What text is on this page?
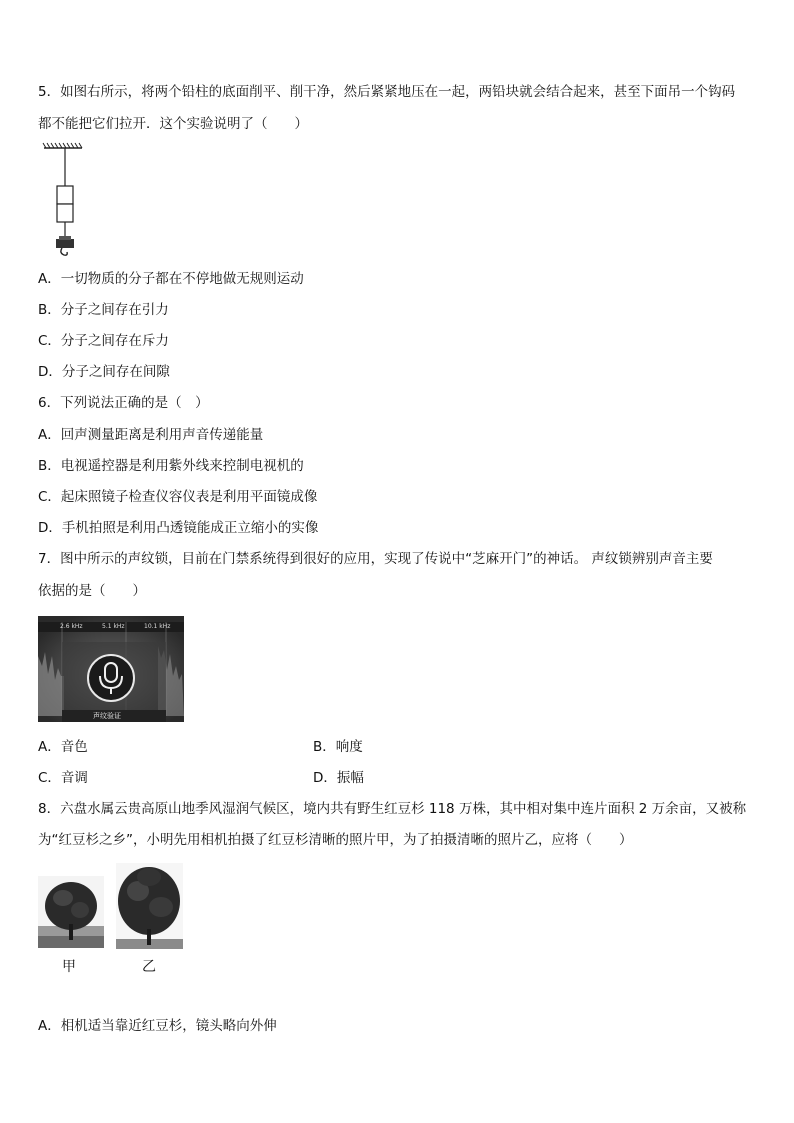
5．如图右所示，将两个铅柱的底面削平、削干净，然后紧紧地压在一起，两铅块就会结合起来，甚至下面吊一个钩码
都不能把它们拉开．这个实验说明了（　　）
A．一切物质的分子都在不停地做无规则运动
B．分子之间存在引力
C．分子之间存在斥力
D．分子之间存在间隙
6．下列说法正确的是（　）
A．回声测量距离是利用声音传递能量
B．电视遥控器是利用紫外线来控制电视机的
C．起床照镜子检查仪容仪表是利用平面镜成像
D．手机拍照是利用凸透镜能成正立缩小的实像
7．图中所示的声纹锁，目前在门禁系统得到很好的应用，实现了传说中“芝麻开门”的神话。 声纹锁辨别声音主要
依据的是（　　）
2.6 kHz	5.1 kHz	10.1 kHz
声纹验证
A．音色	B．响度
C．音调	D．振幅
8．六盘水属云贵高原山地季风湿润气候区，境内共有野生红豆杉 118 万株，其中相对集中连片面积 2 万余亩，又被称
为“红豆杉之乡”，小明先用相机拍摄了红豆杉清晰的照片甲，为了拍摄清晰的照片乙，应将（　　）
甲	乙
A．相机适当靠近红豆杉，镜头略向外伸
